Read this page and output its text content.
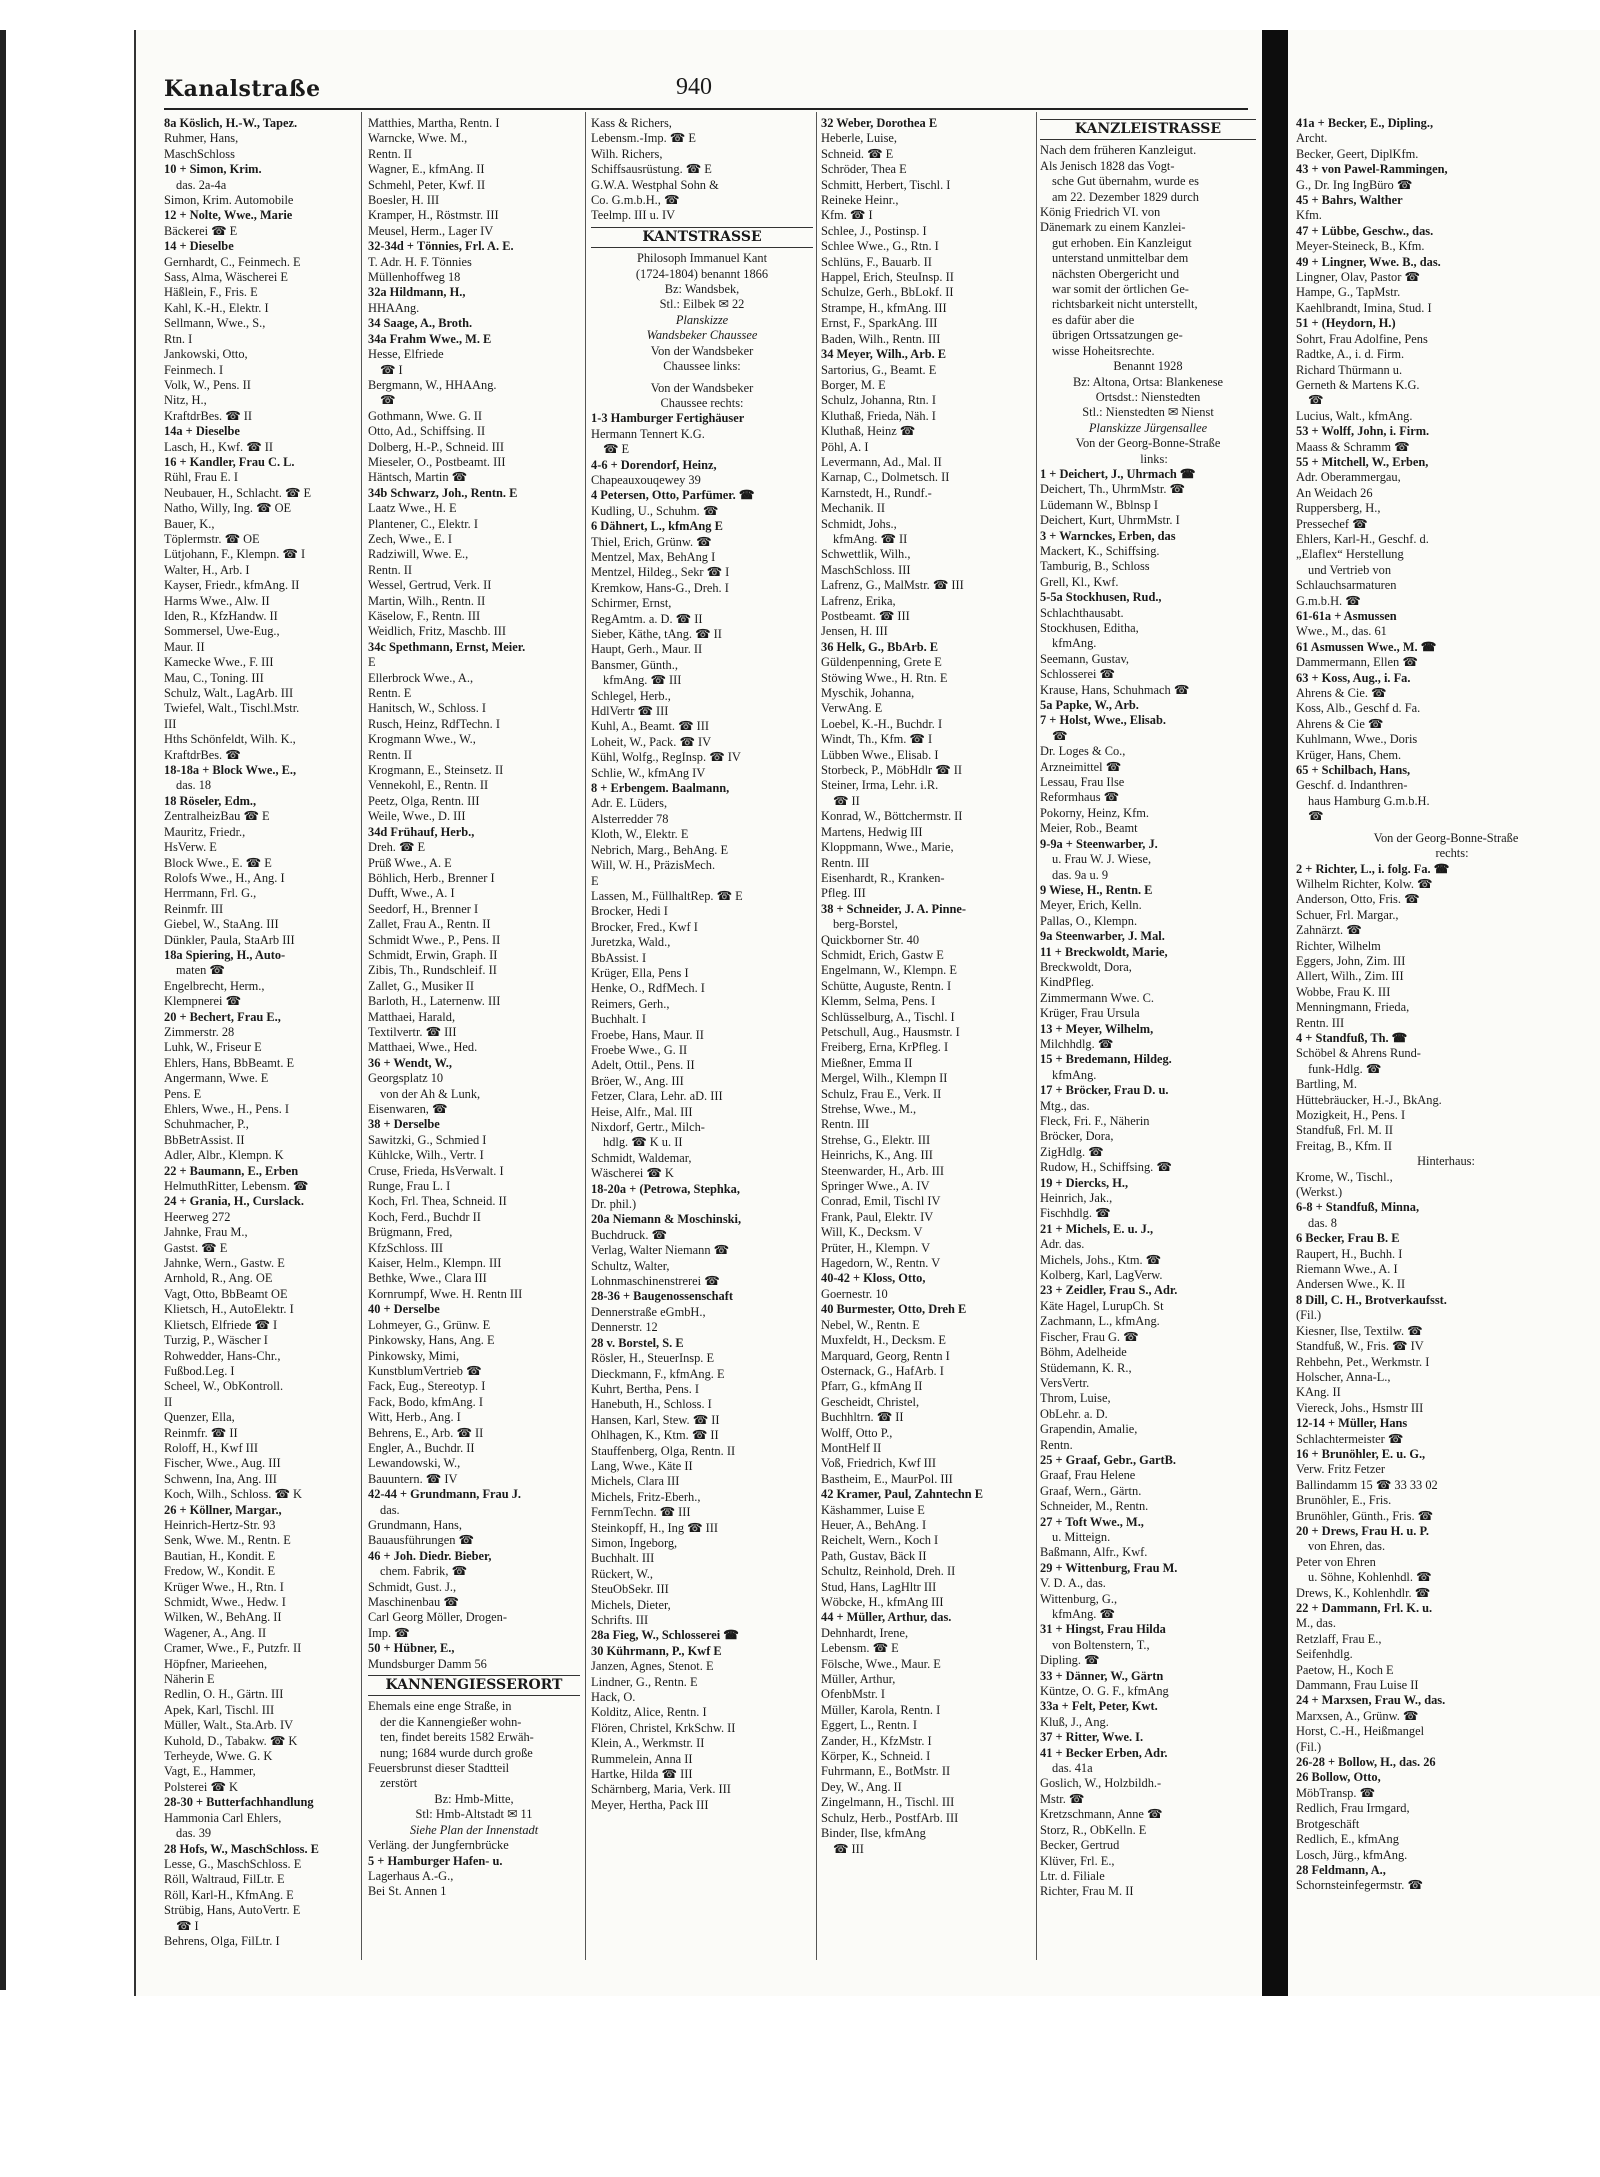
Kanalstraße	940
8a Köslich, H.-W., Tapez.
Ruhmer, Hans,
MaschSchloss
10 + Simon, Krim.
das. 2a-4a
Simon, Krim. Automobile
12 + Nolte, Wwe., Marie
Bäckerei ☎ E
14 + Dieselbe
Gernhardt, C., Feinmech. E
Sass, Alma, Wäscherei E
Häßlein, F., Fris. E
Kahl, K.-H., Elektr. I
Sellmann, Wwe., S.,
Rtn. I
Jankowski, Otto,
Feinmech. I
Volk, W., Pens. II
Nitz, H.,
KraftdrBes. ☎ II
14a + Dieselbe
Lasch, H., Kwf. ☎ II
16 + Kandler, Frau C. L.
Rühl, Frau E. I
Neubauer, H., Schlacht. ☎ E
Natho, Willy, Ing. ☎ OE
Bauer, K.,
Töplermstr. ☎ OE
Lütjohann, F., Klempn. ☎ I
Walter, H., Arb. I
Kayser, Friedr., kfmAng. II
Harms Wwe., Alw. II
Iden, R., KfzHandw. II
Sommersel, Uwe-Eug.,
Maur. II
Kamecke Wwe., F. III
Mau, C., Toning. III
Schulz, Walt., LagArb. III
Twiefel, Walt., Tischl.Mstr.
III
Hths Schönfeldt, Wilh. K.,
KraftdrBes. ☎
18-18a + Block Wwe., E.,
das. 18
18 Röseler, Edm.,
ZentralheizBau ☎ E
Mauritz, Friedr.,
HsVerw. E
Block Wwe., E. ☎ E
Rolofs Wwe., H., Ang. I
Herrmann, Frl. G.,
Reinmfr. III
Giebel, W., StaAng. III
Dünkler, Paula, StaArb III
18a Spiering, H., Auto-
maten ☎
Engelbrecht, Herm.,
Klempnerei ☎
20 + Bechert, Frau E.,
Zimmerstr. 28
Luhk, W., Friseur E
Ehlers, Hans, BbBeamt. E
Angermann, Wwe. E
Pens. E
Ehlers, Wwe., H., Pens. I
Schuhmacher, P.,
BbBetrAssist. II
Adler, Albr., Klempn. K
22 + Baumann, E., Erben
HelmuthRitter, Lebensm. ☎
24 + Grania, H., Curslack.
Heerweg 272
Jahnke, Frau M.,
Gastst. ☎ E
Jahnke, Wern., Gastw. E
Arnhold, R., Ang. OE
Vagt, Otto, BbBeamt OE
Klietsch, H., AutoElektr. I
Klietsch, Elfriede ☎ I
Turzig, P., Wäscher I
Rohwedder, Hans-Chr.,
Fußbod.Leg. I
Scheel, W., ObKontroll.
II
Quenzer, Ella,
Reinmfr. ☎ II
Roloff, H., Kwf III
Fischer, Wwe., Aug. III
Schwenn, Ina, Ang. III
Koch, Wilh., Schloss. ☎ K
26 + Köllner, Margar.,
Heinrich-Hertz-Str. 93
Senk, Wwe. M., Rentn. E
Bautian, H., Kondit. E
Fredow, W., Kondit. E
Krüger Wwe., H., Rtn. I
Schmidt, Wwe., Hedw. I
Wilken, W., BehAng. II
Wagener, A., Ang. II
Cramer, Wwe., F., Putzfr. II
Höpfner, Marieehen,
Näherin E
Redlin, O. H., Gärtn. III
Apek, Karl, Tischl. III
Müller, Walt., Sta.Arb. IV
Kuhold, D., Tabakw. ☎ K
Terheyde, Wwe. G. K
Vagt, E., Hammer,
Polsterei ☎ K
28-30 + Butterfachhandlung
Hammonia Carl Ehlers,
das. 39
28 Hofs, W., MaschSchloss. E
Lesse, G., MaschSchloss. E
Röll, Waltraud, FilLtr. E
Röll, Karl-H., KfmAng. E
Strübig, Hans, AutoVertr. E
☎ I
Behrens, Olga, FilLtr. I
Matthies, Martha, Rentn. I
Warncke, Wwe. M.,
Rentn. II
Wagner, E., kfmAng. II
Schmehl, Peter, Kwf. II
Boesler, H. III
Kramper, H., Röstmstr. III
Meusel, Herm., Lager IV
32-34d + Tönnies, Frl. A. E.
T. Adr. H. F. Tönnies
Müllenhoffweg 18
32a Hildmann, H.,
HHAAng.
34 Saage, A., Broth.
34a Frahm Wwe., M. E
Hesse, Elfriede
☎ I
Bergmann, W., HHAAng.
☎
Gothmann, Wwe. G. II
Otto, Ad., Schiffsing. II
Dolberg, H.-P., Schneid. III
Mieseler, O., Postbeamt. III
Häntsch, Martin ☎
34b Schwarz, Joh., Rentn. E
Laatz Wwe., H. E
Plantener, C., Elektr. I
Zech, Wwe., E. I
Radziwill, Wwe. E.,
Rentn. II
Wessel, Gertrud, Verk. II
Martin, Wilh., Rentn. II
Käselow, F., Rentn. III
Weidlich, Fritz, Maschb. III
34c Spethmann, Ernst, Meier.
E
Ellerbrock Wwe., A.,
Rentn. E
Hanitsch, W., Schloss. I
Rusch, Heinz, RdfTechn. I
Krogmann Wwe., W.,
Rentn. II
Krogmann, E., Steinsetz. II
Vennekohl, E., Rentn. II
Peetz, Olga, Rentn. III
Weile, Wwe., D. III
34d Frühauf, Herb.,
Dreh. ☎ E
Prüß Wwe., A. E
Böhlich, Herb., Brenner I
Dufft, Wwe., A. I
Seedorf, H., Brenner I
Zallet, Frau A., Rentn. II
Schmidt Wwe., P., Pens. II
Schmidt, Erwin, Graph. II
Zibis, Th., Rundschleif. II
Zallet, G., Musiker II
Barloth, H., Laternenw. III
Matthaei, Harald,
Textilvertr. ☎ III
Matthaei, Wwe., Hed.
36 + Wendt, W.,
Georgsplatz 10
von der Ah & Lunk,
Eisenwaren, ☎
38 + Derselbe
Sawitzki, G., Schmied I
Kühlcke, Wilh., Vertr. I
Cruse, Frieda, HsVerwalt. I
Runge, Frau L. I
Koch, Frl. Thea, Schneid. II
Koch, Ferd., Buchdr II
Brügmann, Fred,
KfzSchloss. III
Kaiser, Helm., Klempn. III
Bethke, Wwe., Clara III
Kornrumpf, Wwe. H. Rentn III
40 + Derselbe
Lohmeyer, G., Grünw. E
Pinkowsky, Hans, Ang. E
Pinkowsky, Mimi,
KunstblumVertrieb ☎
Fack, Eug., Stereotyp. I
Fack, Bodo, kfmAng. I
Witt, Herb., Ang. I
Behrens, E., Arb. ☎ II
Engler, A., Buchdr. II
Lewandowski, W.,
Bauuntern. ☎ IV
42-44 + Grundmann, Frau J.
das.
Grundmann, Hans,
Bauausführungen ☎
46 + Joh. Diedr. Bieber,
chem. Fabrik, ☎
Schmidt, Gust. J.,
Maschinenbau ☎
Carl Georg Möller, Drogen-
Imp. ☎
50 + Hübner, E.,
Mundsburger Damm 56
KANNENGIESSERORT
Ehemals eine enge Straße, in
der die Kannengießer wohn-
ten, findet bereits 1582 Erwäh-
nung; 1684 wurde durch große
Feuersbrunst dieser Stadtteil
zerstört
Bz: Hmb-Mitte,
Stl: Hmb-Altstadt ✉ 11
Siehe Plan der Innenstadt
Verläng. der Jungfernbrücke
5 + Hamburger Hafen- u.
Lagerhaus A.-G.,
Bei St. Annen 1
Kass & Richers,
Lebensm.-Imp. ☎ E
Wilh. Richers,
Schiffsausrüstung. ☎ E
G.W.A. Westphal Sohn &
Co. G.m.b.H., ☎
Teelmp. III u. IV
KANTSTRASSE
Philosoph Immanuel Kant
(1724-1804) benannt 1866
Bz: Wandsbek,
Stl.: Eilbek ✉ 22
Planskizze
Wandsbeker Chaussee
Von der Wandsbeker
Chaussee links:
Von der Wandsbeker
Chaussee rechts:
1-3 Hamburger Fertighäuser
Hermann Tennert K.G.
☎ E
4-6 + Dorendorf, Heinz,
Chapeauxouqewey 39
4 Petersen, Otto, Parfümer. ☎
Kudling, U., Schuhm. ☎
6 Dähnert, L., kfmAng E
Thiel, Erich, Grünw. ☎
Mentzel, Max, BehAng I
Mentzel, Hildeg., Sekr ☎ I
Kremkow, Hans-G., Dreh. I
Schirmer, Ernst,
RegAmtm. a. D. ☎ II
Sieber, Käthe, tAng. ☎ II
Haupt, Gerh., Maur. II
Bansmer, Günth.,
kfmAng. ☎ III
Schlegel, Herb.,
HdlVertr ☎ III
Kuhl, A., Beamt. ☎ III
Loheit, W., Pack. ☎ IV
Kühl, Wolfg., RegInsp. ☎ IV
Schlie, W., kfmAng IV
8 + Erbengem. Baalmann,
Adr. E. Lüders,
Alsterredder 78
Kloth, W., Elektr. E
Nebrich, Marg., BehAng. E
Will, W. H., PräzisMech.
E
Lassen, M., FüllhaltRep. ☎ E
Brocker, Hedi I
Brocker, Fred., Kwf I
Juretzka, Wald.,
BbAssist. I
Krüger, Ella, Pens I
Henke, O., RdfMech. I
Reimers, Gerh.,
Buchhalt. I
Froebe, Hans, Maur. II
Froebe Wwe., G. II
Adelt, Ottil., Pens. II
Bröer, W., Ang. III
Fetzer, Clara, Lehr. aD. III
Heise, Alfr., Mal. III
Nixdorf, Gertr., Milch-
hdlg. ☎ K u. II
Schmidt, Waldemar,
Wäscherei ☎ K
18-20a + (Petrowa, Stephka,
Dr. phil.)
20a Niemann & Moschinski,
Buchdruck. ☎
Verlag, Walter Niemann ☎
Schultz, Walter,
Lohnmaschinenstrerei ☎
28-36 + Baugenossenschaft
Dennerstraße eGmbH.,
Dennerstr. 12
28 v. Borstel, S. E
Rösler, H., SteuerInsp. E
Dieckmann, F., kfmAng. E
Kuhrt, Bertha, Pens. I
Hanebuth, H., Schloss. I
Hansen, Karl, Stew. ☎ II
Ohlhagen, K., Ktm. ☎ II
Stauffenberg, Olga, Rentn. II
Lang, Wwe., Käte II
Michels, Clara III
Michels, Fritz-Eberh.,
FernmTechn. ☎ III
Steinkopff, H., Ing ☎ III
Simon, Ingeborg,
Buchhalt. III
Rückert, W.,
SteuObSekr. III
Michels, Dieter,
Schrifts. III
28a Fieg, W., Schlosserei ☎
30 Kührmann, P., Kwf E
Janzen, Agnes, Stenot. E
Lindner, G., Rentn. E
Hack, O.
Kolditz, Alice, Rentn. I
Flören, Christel, KrkSchw. II
Klein, A., Werkmstr. II
Rummelein, Anna II
Hartke, Hilda ☎ III
Schärnberg, Maria, Verk. III
Meyer, Hertha, Pack III
32 Weber, Dorothea E
Heberle, Luise,
Schneid. ☎ E
Schröder, Thea E
Schmitt, Herbert, Tischl. I
Reineke Heinr.,
Kfm. ☎ I
Schlee, J., Postinsp. I
Schlee Wwe., G., Rtn. I
Schlüns, F., Bauarb. II
Happel, Erich, SteuInsp. II
Schulze, Gerh., BbLokf. II
Strampe, H., kfmAng. III
Ernst, F., SparkAng. III
Baden, Wilh., Rentn. III
34 Meyer, Wilh., Arb. E
Sartorius, G., Beamt. E
Borger, M. E
Schulz, Johanna, Rtn. I
Kluthaß, Frieda, Näh. I
Kluthaß, Heinz ☎
Pöhl, A. I
Levermann, Ad., Mal. II
Karnap, C., Dolmetsch. II
Karnstedt, H., Rundf.-
Mechanik. II
Schmidt, Johs.,
kfmAng. ☎ II
Schwettlik, Wilh.,
MaschSchloss. III
Lafrenz, G., MalMstr. ☎ III
Lafrenz, Erika,
Postbeamt. ☎ III
Jensen, H. III
36 Helk, G., BbArb. E
Güldenpenning, Grete E
Stöwing Wwe., H. Rtn. E
Myschik, Johanna,
VerwAng. E
Loebel, K.-H., Buchdr. I
Windt, Th., Kfm. ☎ I
Lübben Wwe., Elisab. I
Storbeck, P., MöbHdlr ☎ II
Steiner, Irma, Lehr. i.R.
☎ II
Konrad, W., Böttchermstr. II
Martens, Hedwig III
Kloppmann, Wwe., Marie,
Rentn. III
Eisenhardt, R., Kranken-
Pfleg. III
38 + Schneider, J. A. Pinne-
berg-Borstel,
Quickborner Str. 40
Schmidt, Erich, Gastw E
Engelmann, W., Klempn. E
Schütte, Auguste, Rentn. I
Klemm, Selma, Pens. I
Schlüsselburg, A., Tischl. I
Petschull, Aug., Hausmstr. I
Freiberg, Erna, KrPfleg. I
Mießner, Emma II
Mergel, Wilh., Klempn II
Schulz, Frau E., Verk. II
Strehse, Wwe., M.,
Rentn. III
Strehse, G., Elektr. III
Heinrichs, K., Ang. III
Steenwarder, H., Arb. III
Springer Wwe., A. IV
Conrad, Emil, Tischl IV
Frank, Paul, Elektr. IV
Will, K., Decksm. V
Prüter, H., Klempn. V
Hagedorn, W., Rentn. V
40-42 + Kloss, Otto,
Goernestr. 10
40 Burmester, Otto, Dreh E
Nebel, W., Rentn. E
Muxfeldt, H., Decksm. E
Marquard, Georg, Rentn I
Osternack, G., HafArb. I
Pfarr, G., kfmAng II
Gescheidt, Christel,
Buchhltrn. ☎ II
Wolff, Otto P.,
MontHelf II
Voß, Friedrich, Kwf III
Bastheim, E., MaurPol. III
42 Kramer, Paul, Zahntechn E
Käshammer, Luise E
Heuer, A., BehAng. I
Reichelt, Wern., Koch I
Path, Gustav, Bäck II
Schultz, Reinhold, Dreh. II
Stud, Hans, LagHltr III
Wöbcke, H., kfmAng III
44 + Müller, Arthur, das.
Dehnhardt, Irene,
Lebensm. ☎ E
Fölsche, Wwe., Maur. E
Müller, Arthur,
OfenbMstr. I
Müller, Karola, Rentn. I
Eggert, L., Rentn. I
Zander, H., KfzMstr. I
Körper, K., Schneid. I
Fuhrmann, E., BotMstr. II
Dey, W., Ang. II
Zingelmann, H., Tischl. III
Schulz, Herb., PostfArb. III
Binder, Ilse, kfmAng
☎ III
KANZLEISTRASSE
Nach dem früheren Kanzleigut.
Als Jenisch 1828 das Vogt-
sche Gut übernahm, wurde es
am 22. Dezember 1829 durch
König Friedrich VI. von
Dänemark zu einem Kanzlei-
gut erhoben. Ein Kanzleigut
unterstand unmittelbar dem
nächsten Obergericht und
war somit der örtlichen Ge-
richtsbarkeit nicht unterstellt,
es dafür aber die
übrigen Ortssatzungen ge-
wisse Hoheitsrechte.
Benannt 1928
Bz: Altona, Ortsa: Blankenese
Ortsdst.: Nienstedten
Stl.: Nienstedten ✉ Nienst
Planskizze Jürgensallee
Von der Georg-Bonne-Straße
links:
1 + Deichert, J., Uhrmach ☎
Deichert, Th., UhrmMstr. ☎
Lüdemann W., Bblnsp I
Deichert, Kurt, UhrmMstr. I
3 + Warnckes, Erben, das
Mackert, K., Schiffsing.
Tamburig, B., Schloss
Grell, Kl., Kwf.
5-5a Stockhusen, Rud.,
Schlachthausabt.
Stockhusen, Editha,
kfmAng.
Seemann, Gustav,
Schlosserei ☎
Krause, Hans, Schuhmach ☎
5a Papke, W., Arb.
7 + Holst, Wwe., Elisab.
☎
Dr. Loges & Co.,
Arzneimittel ☎
Lessau, Frau Ilse
Reformhaus ☎
Pokorny, Heinz, Kfm.
Meier, Rob., Beamt
9-9a + Steenwarber, J.
u. Frau W. J. Wiese,
das. 9a u. 9
9 Wiese, H., Rentn. E
Meyer, Erich, Kelln.
Pallas, O., Klempn.
9a Steenwarber, J. Mal.
11 + Breckwoldt, Marie,
Breckwoldt, Dora,
KindPfleg.
Zimmermann Wwe. C.
Krüger, Frau Ursula
13 + Meyer, Wilhelm,
Milchhdlg. ☎
15 + Bredemann, Hildeg.
kfmAng.
17 + Bröcker, Frau D. u.
Mtg., das.
Fleck, Fri. F., Näherin
Bröcker, Dora,
ZigHdlg. ☎
Rudow, H., Schiffsing. ☎
19 + Diercks, H.,
Heinrich, Jak.,
Fischhdlg. ☎
21 + Michels, E. u. J.,
Adr. das.
Michels, Johs., Ktm. ☎
Kolberg, Karl, LagVerw.
23 + Zeidler, Frau S., Adr.
Käte Hagel, LurupCh. St
Zachmann, L., kfmAng.
Fischer, Frau G. ☎
Böhm, Adelheide
Stüdemann, K. R.,
VersVertr.
Throm, Luise,
ObLehr. a. D.
Grapendin, Amalie,
Rentn.
25 + Graaf, Gebr., GartB.
Graaf, Frau Helene
Graaf, Wern., Gärtn.
Schneider, M., Rentn.
27 + Toft Wwe., M.,
u. Mitteign.
Baßmann, Alfr., Kwf.
29 + Wittenburg, Frau M.
V. D. A., das.
Wittenburg, G.,
kfmAng. ☎
31 + Hingst, Frau Hilda
von Boltenstern, T.,
Dipling. ☎
33 + Dänner, W., Gärtn
Küntze, O. G. F., kfmAng
33a + Felt, Peter, Kwt.
Kluß, J., Ang.
37 + Ritter, Wwe. I.
41 + Becker Erben, Adr.
das. 41a
Goslich, W., Holzbildh.-
Mstr. ☎
Kretzschmann, Anne ☎
Storz, R., ObKelln. E
Becker, Gertrud
Klüver, Frl. E.,
Ltr. d. Filiale
Richter, Frau M. II
41a + Becker, E., Dipling.,
Archt.
Becker, Geert, DiplKfm.
43 + von Pawel-Rammingen,
G., Dr. Ing IngBüro ☎
45 + Bahrs, Walther
Kfm.
47 + Lübbe, Geschw., das.
Meyer-Steineck, B., Kfm.
49 + Lingner, Wwe. B., das.
Lingner, Olav, Pastor ☎
Hampe, G., TapMstr.
Kaehlbrandt, Imina, Stud. I
51 + (Heydorn, H.)
Sohrt, Frau Adolfine, Pens
Radtke, A., i. d. Firm.
Richard Thürmann u.
Gerneth & Martens K.G.
☎
Lucius, Walt., kfmAng.
53 + Wolff, John, i. Firm.
Maass & Schramm ☎
55 + Mitchell, W., Erben,
Adr. Oberammergau,
An Weidach 26
Ruppersberg, H.,
Pressechef ☎
Ehlers, Karl-H., Geschf. d.
„Elaflex“ Herstellung
und Vertrieb von
Schlauchsarmaturen
G.m.b.H. ☎
61-61a + Asmussen
Wwe., M., das. 61
61 Asmussen Wwe., M. ☎
Dammermann, Ellen ☎
63 + Koss, Aug., i. Fa.
Ahrens & Cie. ☎
Koss, Alb., Geschf d. Fa.
Ahrens & Cie ☎
Kuhlmann, Wwe., Doris
Krüger, Hans, Chem.
65 + Schilbach, Hans,
Geschf. d. Indanthren-
haus Hamburg G.m.b.H.
☎
Von der Georg-Bonne-Straße
rechts:
2 + Richter, L., i. folg. Fa. ☎
Wilhelm Richter, Kolw. ☎
Anderson, Otto, Fris. ☎
Schuer, Frl. Margar.,
Zahnärzt. ☎
Richter, Wilhelm
Eggers, John, Zim. III
Allert, Wilh., Zim. III
Wobbe, Frau K. III
Menningmann, Frieda,
Rentn. III
4 + Standfuß, Th. ☎
Schöbel & Ahrens Rund-
funk-Hdlg. ☎
Bartling, M.
Hüttebräucker, H.-J., BkAng.
Mozigkeit, H., Pens. I
Standfuß, Frl. M. II
Freitag, B., Kfm. II
Hinterhaus:
Krome, W., Tischl.,
(Werkst.)
6-8 + Standfuß, Minna,
das. 8
6 Becker, Frau B. E
Raupert, H., Buchh. I
Riemann Wwe., A. I
Andersen Wwe., K. II
8 Dill, C. H., Brotverkaufsst.
(Fil.)
Kiesner, Ilse, Textilw. ☎
Standfuß, W., Fris. ☎ IV
Rehbehn, Pet., Werkmstr. I
Holscher, Anna-L.,
KAng. II
Viereck, Johs., Hsmstr III
12-14 + Müller, Hans
Schlachtermeister ☎
16 + Brunöhler, E. u. G.,
Verw. Fritz Fetzer
Ballindamm 15 ☎ 33 33 02
Brunöhler, E., Fris.
Brunöhler, Günth., Fris. ☎
20 + Drews, Frau H. u. P.
von Ehren, das.
Peter von Ehren
u. Söhne, Kohlenhdl. ☎
Drews, K., Kohlenhdlr. ☎
22 + Dammann, Frl. K. u.
M., das.
Retzlaff, Frau E.,
Seifenhdlg.
Paetow, H., Koch E
Dammann, Frau Luise II
24 + Marxsen, Frau W., das.
Marxsen, A., Grünw. ☎
Horst, C.-H., Heißmangel
(Fil.)
26-28 + Bollow, H., das. 26
26 Bollow, Otto,
MöbTransp. ☎
Redlich, Frau Irmgard,
Brotgeschäft
Redlich, E., kfmAng
Losch, Jürg., kfmAng.
28 Feldmann, A.,
Schornsteinfegermstr. ☎
